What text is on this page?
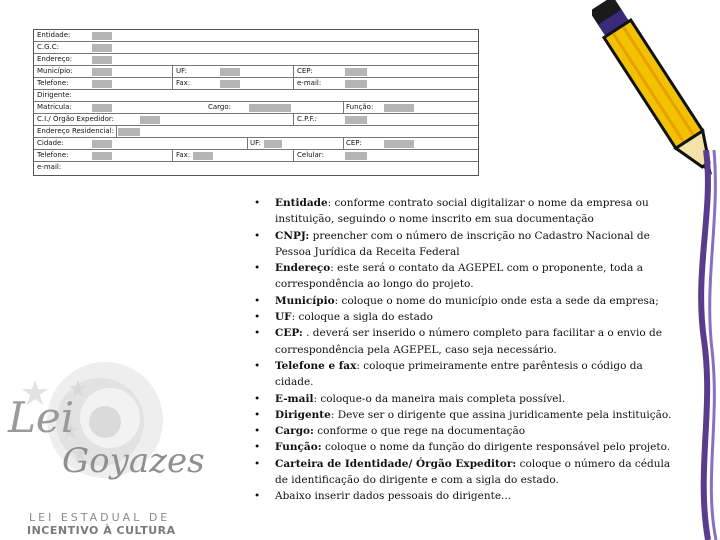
Entidade:
C.G.C:
Endereço:
Município:	UF:	CEP:
Telefone:	Fax:	e-mail:
Dirigente:
Matrícula:	Cargo:	Função:
C.I./ Órgão Expedidor:	C.P.F.:
Endereço Residencial:
Cidade:	UF:	CEP:
Telefone:	Fax:	Celular:
e-mail:
• Entidade: conforme contrato social digitalizar o nome da empresa ou instituição, seguindo o nome inscrito em sua documentação
• CNPJ: preencher com o número de inscrição no Cadastro Nacional de Pessoa Jurídica da Receita Federal
• Endereço: este será o contato da AGEPEL com o proponente, toda a correspondência ao longo do projeto.
• Município: coloque o nome do município onde esta a sede da empresa;
• UF: coloque a sigla do estado
• CEP: . deverá ser inserido o número completo para facilitar a o envio de correspondência pela AGEPEL, caso seja necessário.
• Telefone e fax: coloque primeiramente entre parêntesis o código da cidade.
• E-mail: coloque-o da maneira mais completa possível.
• Dirigente: Deve ser o dirigente que assina juridicamente pela instituição.
• Cargo: conforme o que rege na documentação
• Função: coloque o nome da função do dirigente responsável pelo projeto.
• Carteira de Identidade/ Órgão Expeditor: coloque o número da cédula de identificação do dirigente e com a sigla do estado.
• Abaixo inserir dados pessoais do dirigente...
Lei
Goyazes
LEI ESTADUAL DE
INCENTIVO À CULTURA
